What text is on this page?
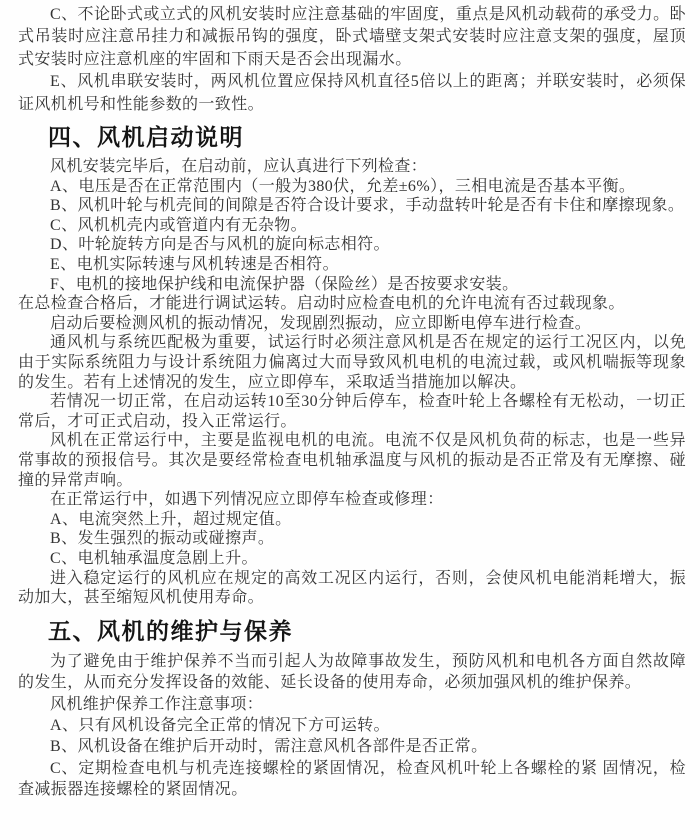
C、不论卧式或立式的风机安装时应注意基础的牢固度，重点是风机动载荷的承受力。卧式吊装时应注意吊挂力和减振吊钩的强度，卧式墙壁支架式安装时应注意支架的强度，屋顶式安装时应注意机座的牢固和下雨天是否会出现漏水。

E、风机串联安装时，两风机位置应保持风机直径5倍以上的距离；并联安装时，必须保证风机机号和性能参数的一致性。

四、风机启动说明

风机安装完毕后，在启动前，应认真进行下列检查：

A、电压是否在正常范围内（一般为380伏，允差±6%），三相电流是否基本平衡。

B、风机叶轮与机壳间的间隙是否符合设计要求，手动盘转叶轮是否有卡住和摩擦现象。

C、风机机壳内或管道内有无杂物。

D、叶轮旋转方向是否与风机的旋向标志相符。

E、电机实际转速与风机转速是否相符。

F、电机的接地保护线和电流保护器（保险丝）是否按要求安装。

在总检查合格后，才能进行调试运转。启动时应检查电机的允许电流有否过载现象。

启动后要检测风机的振动情况，发现剧烈振动，应立即断电停车进行检查。

通风机与系统匹配极为重要，试运行时必须注意风机是否在规定的运行工况区内，以免由于实际系统阻力与设计系统阻力偏离过大而导致风机电机的电流过载，或风机喘振等现象的发生。若有上述情况的发生，应立即停车，采取适当措施加以解决。

若情况一切正常，在启动运转10至30分钟后停车，检查叶轮上各螺栓有无松动，一切正常后，才可正式启动，投入正常运行。

风机在正常运行中，主要是监视电机的电流。电流不仅是风机负荷的标志，也是一些异常事故的预报信号。其次是要经常检查电机轴承温度与风机的振动是否正常及有无摩擦、碰撞的异常声响。

在正常运行中，如遇下列情况应立即停车检查或修理：

A、电流突然上升，超过规定值。

B、发生强烈的振动或碰擦声。

C、电机轴承温度急剧上升。

进入稳定运行的风机应在规定的高效工况区内运行，否则，会使风机电能消耗增大，振动加大，甚至缩短风机使用寿命。

五、风机的维护与保养

为了避免由于维护保养不当而引起人为故障事故发生，预防风机和电机各方面自然故障的发生，从而充分发挥设备的效能、延长设备的使用寿命，必须加强风机的维护保养。

风机维护保养工作注意事项：

A、只有风机设备完全正常的情况下方可运转。

B、风机设备在维护后开动时，需注意风机各部件是否正常。

C、定期检查电机与机壳连接螺栓的紧固情况，检查风机叶轮上各螺栓的紧 固情况，检查减振器连接螺栓的紧固情况。
